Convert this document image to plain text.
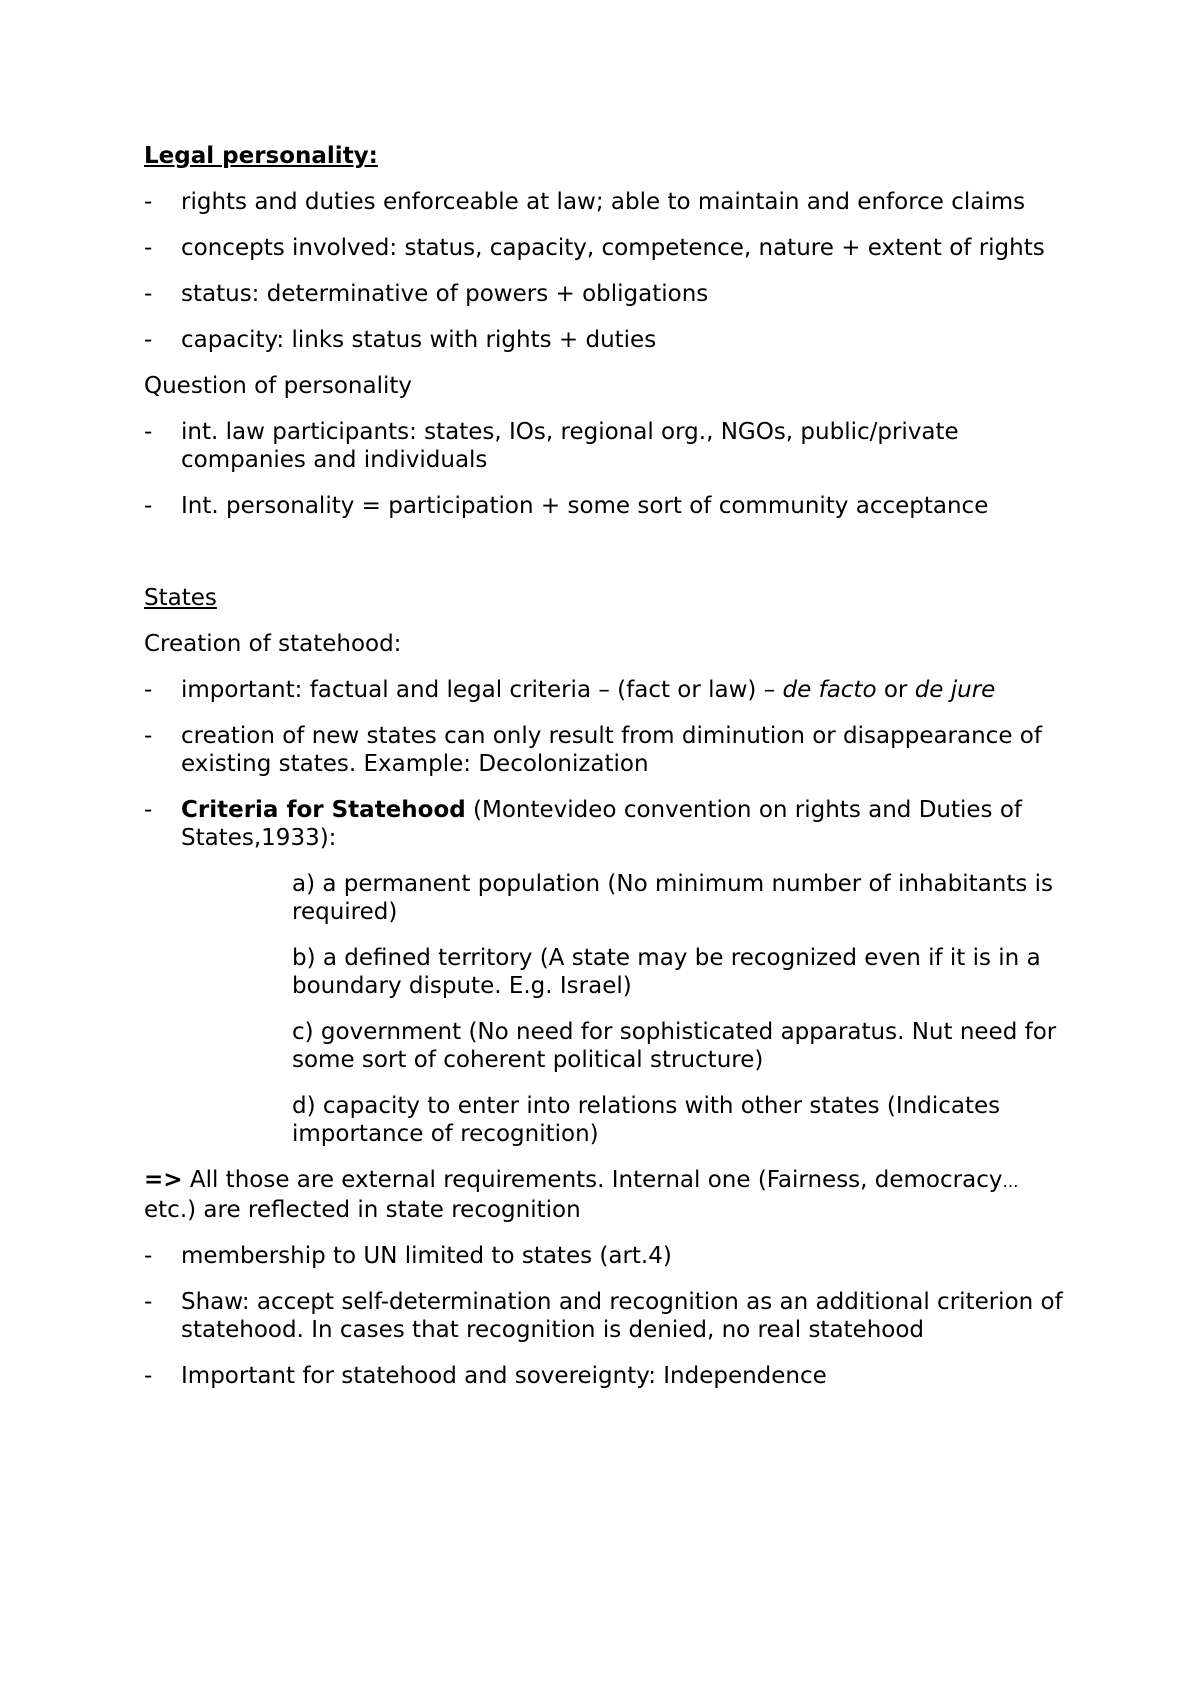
Legal personality:
-	rights and duties enforceable at law; able to maintain and enforce claims
-	concepts involved: status, capacity, competence, nature + extent of rights
-	status: determinative of powers + obligations
-	capacity: links status with rights + duties
Question of personality
-	int. law participants: states, IOs, regional org., NGOs, public/private companies and individuals
-	Int. personality = participation + some sort of community acceptance
States
Creation of statehood:
-	important: factual and legal criteria – (fact or law) – de facto or de jure
-	creation of new states can only result from diminution or disappearance of existing states. Example: Decolonization
-	Criteria for Statehood (Montevideo convention on rights and Duties of States,1933):
a) a permanent population (No minimum number of inhabitants is required)
b) a defined territory (A state may be recognized even if it is in a boundary dispute. E.g. Israel)
c) government (No need for sophisticated apparatus. Nut need for some sort of coherent political structure)
d) capacity to enter into relations with other states (Indicates importance of recognition)
=> All those are external requirements. Internal one (Fairness, democracy…etc.) are reflected in state recognition
-	membership to UN limited to states (art.4)
-	Shaw: accept self-determination and recognition as an additional criterion of statehood. In cases that recognition is denied, no real statehood
-	Important for statehood and sovereignty: Independence
